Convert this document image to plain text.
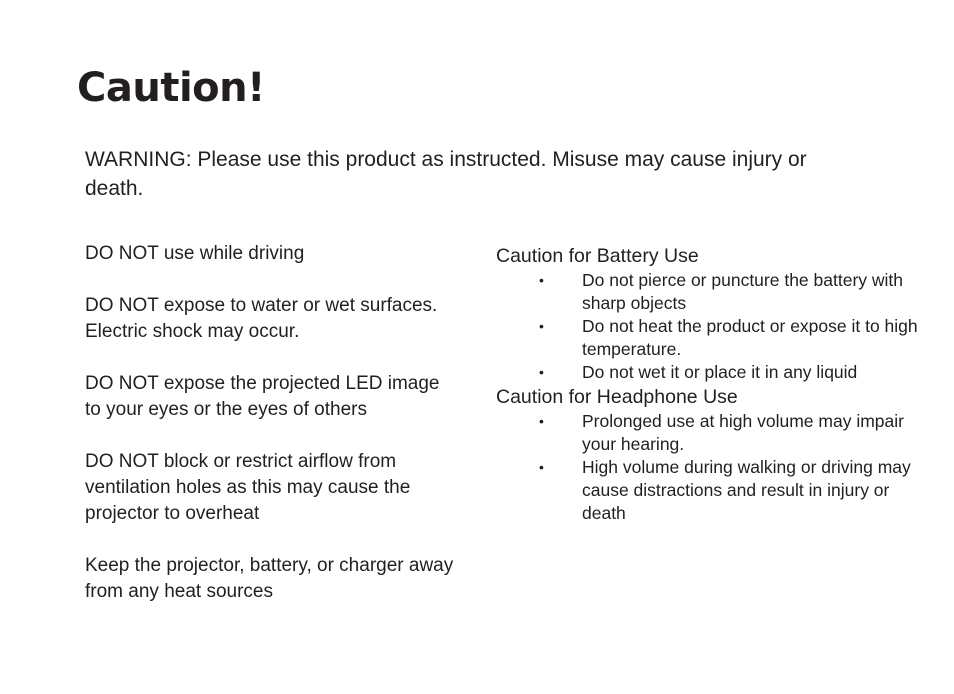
Caution!

WARNING: Please use this product as instructed. Misuse may cause injury or death.

DO NOT use while driving

DO NOT expose to water or wet surfaces. Electric shock may occur.

DO NOT expose the projected LED image to your eyes or the eyes of others

DO NOT block or restrict airflow from ventilation holes as this may cause the projector to overheat

Keep the projector, battery, or charger away from any heat sources

Caution for Battery Use
• Do not pierce or puncture the battery with sharp objects
• Do not heat the product or expose it to high temperature.
• Do not wet it or place it in any liquid
Caution for Headphone Use
• Prolonged use at high volume may impair your hearing.
• High volume during walking or driving may cause distractions and result in injury or death
